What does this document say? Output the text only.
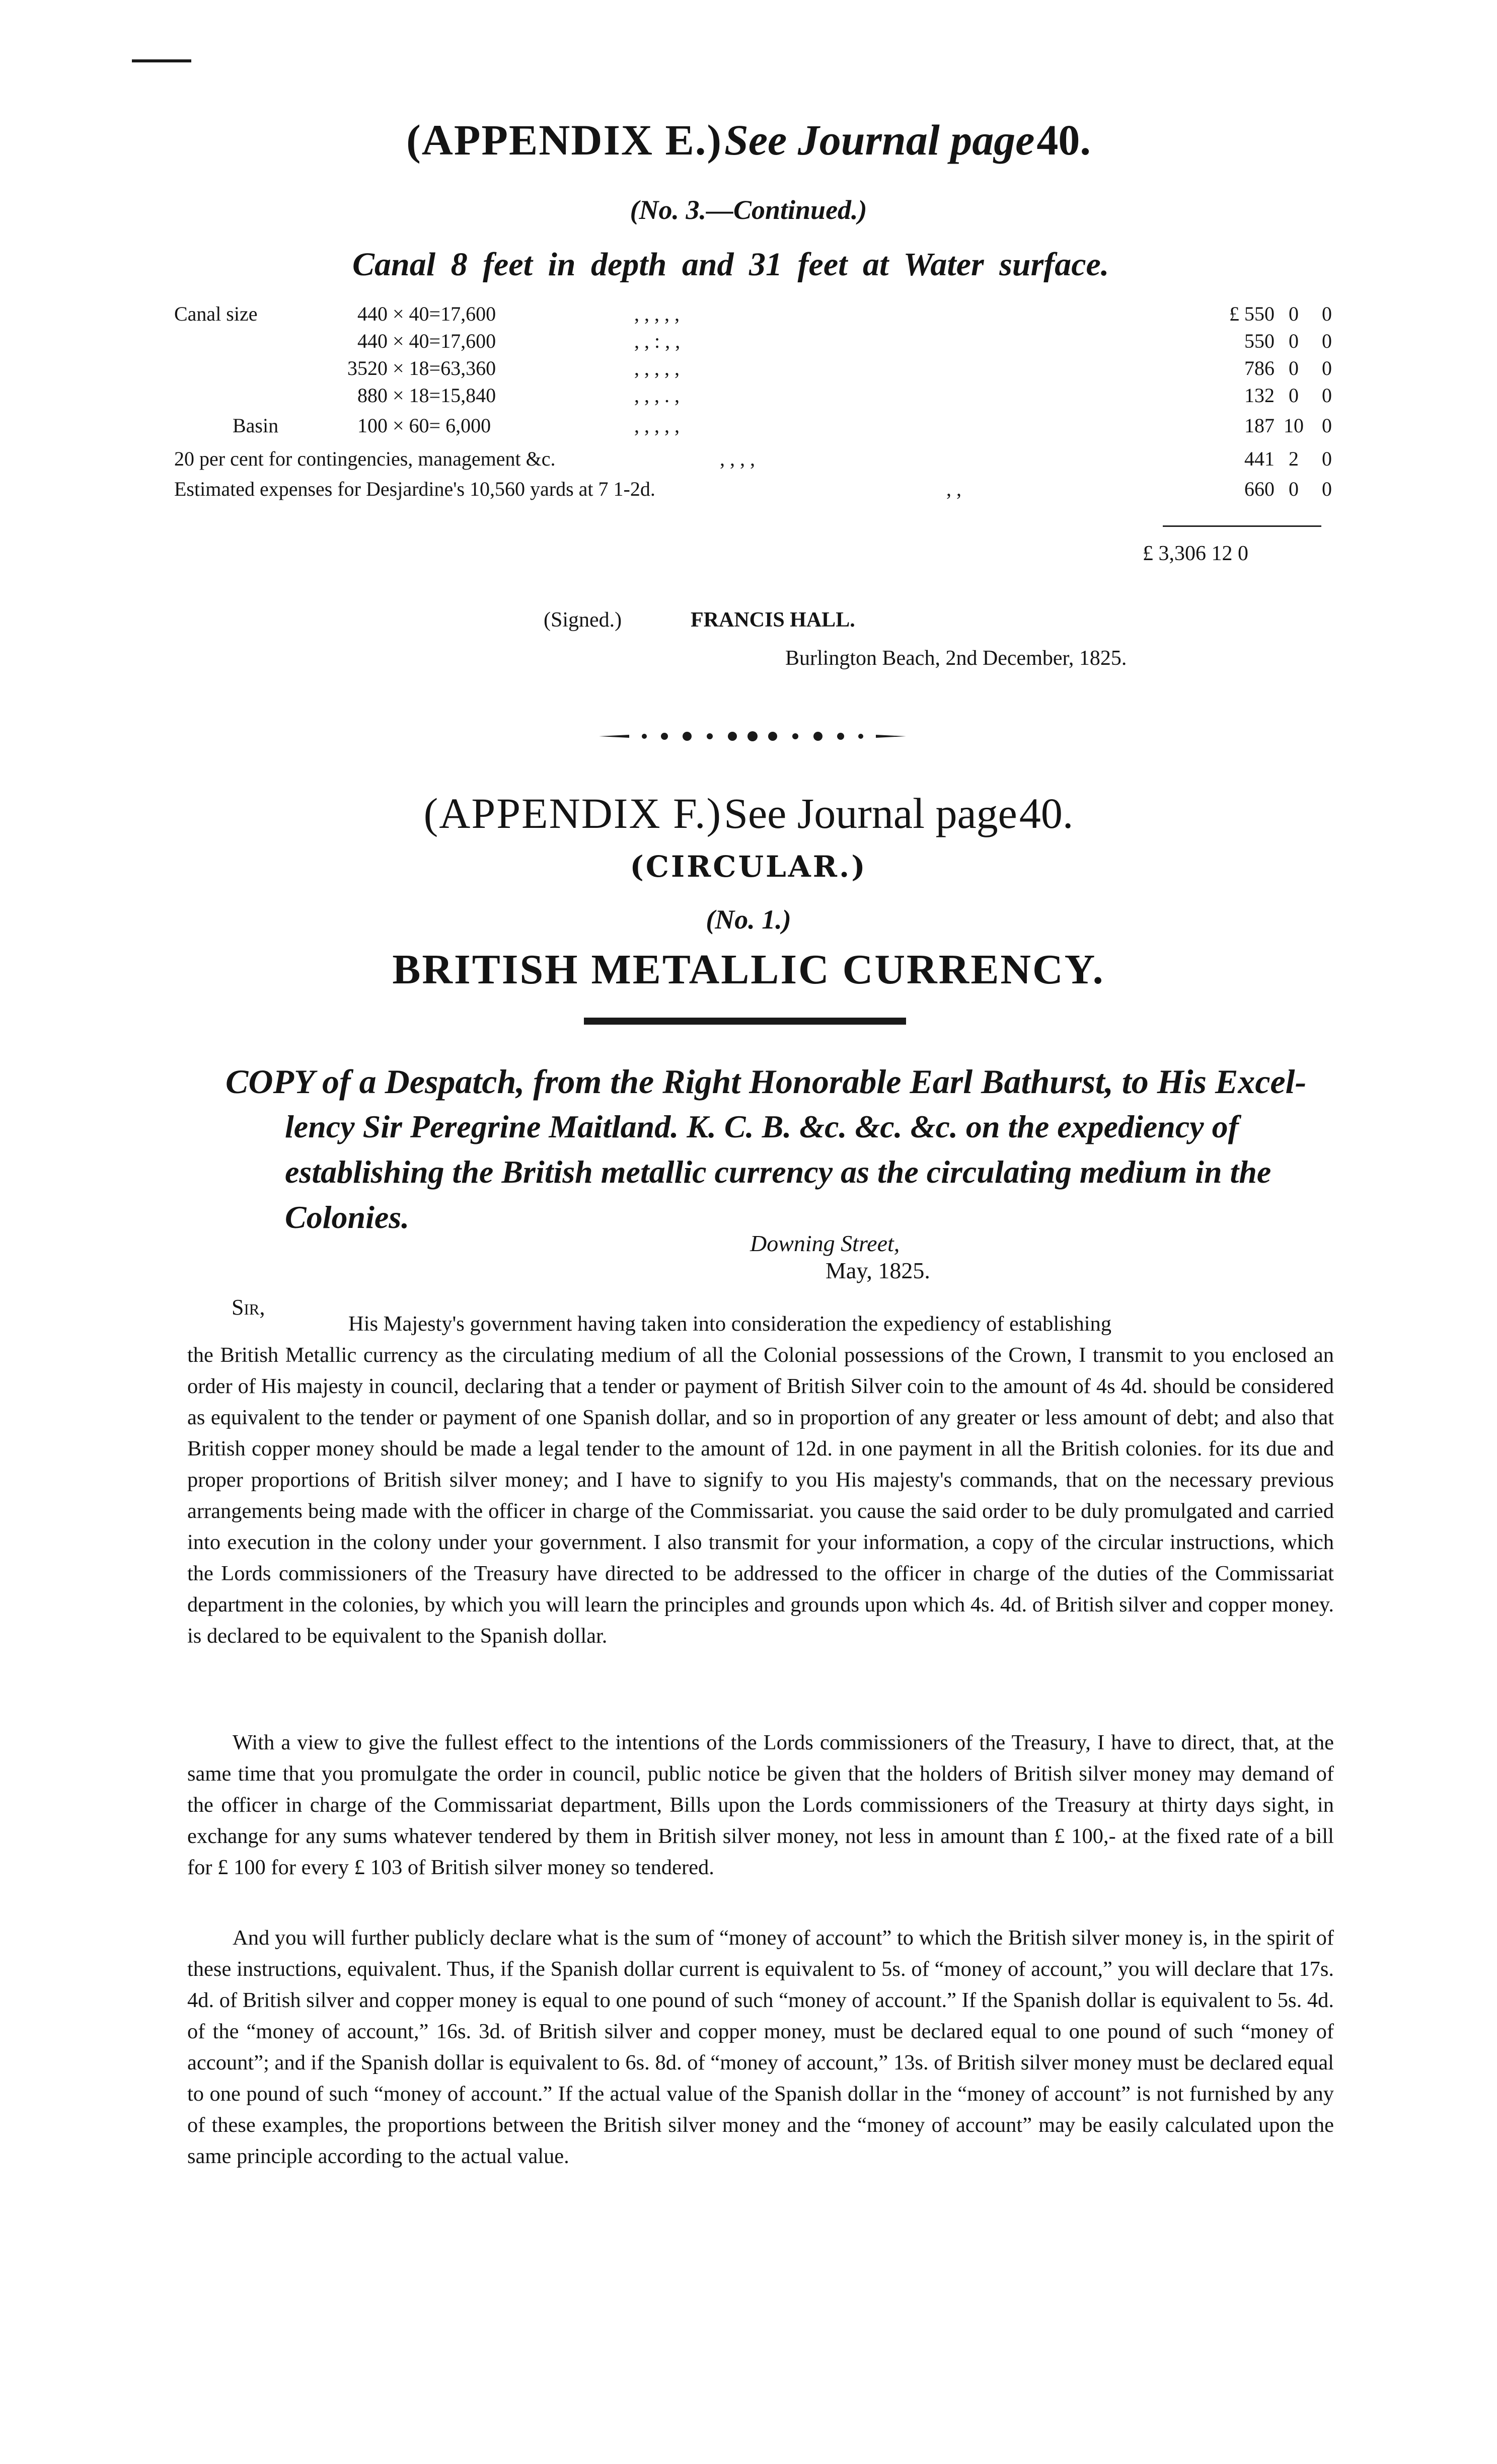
(APPENDIX E.) See Journal page 40.
(No. 3.—Continued.)
Canal 8 feet in depth and 31 feet at Water surface.
Canal size	440 × 40=17,600	, , , , ,	£ 550 0	0
440 × 40=17,600	, , : , ,	550 0	0
3520 × 18=63,360	, , , , ,	786 0	0
880 × 18=15,840	, , , . ,	132 0	0
Basin	100 × 60= 6,000	, , , , ,	187 10 0
20 per cent for contingencies, management &c.	, , , ,	441 2	0
Estimated expenses for Desjardine's 10,560 yards at 7 1-2d.	, ,	660 0	0
£ 3,306 12 0
(Signed.)	FRANCIS HALL.
Burlington Beach, 2nd December, 1825.
(APPENDIX F.) See Journal page 40.
(CIRCULAR.)
(No. 1.)
BRITISH METALLIC CURRENCY.
COPY of a Despatch, from the Right Honorable Earl Bathurst, to His Excel-
lency Sir Peregrine Maitland. K. C. B. &c. &c. &c. on the expediency of
establishing the British metallic currency as the circulating medium in the
Colonies.
Downing Street,
May, 1825.
Sir,

His Majesty's government having taken into consideration the expediency of establishing

the British Metallic currency as the circulating medium of all the Colonial possessions of the Crown, I transmit to you enclosed an order of His majesty in council, declaring that a tender or payment of British Silver coin to the amount of 4s 4d. should be considered as equivalent to the tender or payment of one Spanish dollar, and so in proportion of any greater or less amount of debt; and also that British copper money should be made a legal tender to the amount of 12d. in one payment in all the British colonies. for its due and proper proportions of British silver money; and I have to signify to you His majesty's commands, that on the necessary previous arrangements being made with the officer in charge of the Commissariat. you cause the said order to be duly promulgated and carried into execution in the colony under your government. I also transmit for your information, a copy of the circular instructions, which the Lords commissioners of the Treasury have directed to be addressed to the officer in charge of the duties of the Commissariat department in the colonies, by which you will learn the principles and grounds upon which 4s. 4d. of British silver and copper money. is declared to be equivalent to the Spanish dollar.

With a view to give the fullest effect to the intentions of the Lords commissioners of the Treasury, I have to direct, that, at the same time that you promulgate the order in council, public notice be given that the holders of British silver money may demand of the officer in charge of the Commissariat department, Bills upon the Lords commissioners of the Treasury at thirty days sight, in exchange for any sums whatever tendered by them in British silver money, not less in amount than £ 100,- at the fixed rate of a bill for £ 100 for every £ 103 of British silver money so tendered.
And you will further publicly declare what is the sum of “money of account” to which the British silver money is, in the spirit of these instructions, equivalent. Thus, if the Spanish dollar current is equivalent to 5s. of “money of account,” you will declare that 17s. 4d. of British silver and copper money is equal to one pound of such “money of account.” If the Spanish dollar is equivalent to 5s. 4d. of the “money of account,” 16s. 3d. of British silver and copper money, must be declared equal to one pound of such “money of account”; and if the Spanish dollar is equivalent to 6s. 8d. of “money of account,” 13s. of British silver money must be declared equal to one pound of such “money of account.” If the actual value of the Spanish dollar in the “money of account” is not furnished by any of these examples, the proportions between the British silver money and the “money of account” may be easily calculated upon the same principle according to the actual value.
